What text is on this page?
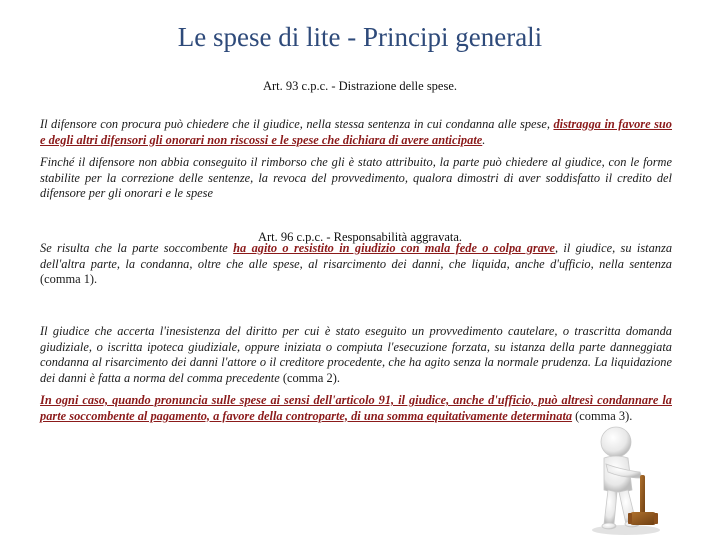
Le spese di lite - Principi generali
Art. 93 c.p.c. - Distrazione delle spese.
Il difensore con procura può chiedere che il giudice, nella stessa sentenza in cui condanna alle spese, distragga in favore suo e degli altri difensori gli onorari non riscossi e le spese che dichiara di avere anticipate.
Finché il difensore non abbia conseguito il rimborso che gli è stato attribuito, la parte può chiedere al giudice, con le forme stabilite per la correzione delle sentenze, la revoca del provvedimento, qualora dimostri di aver soddisfatto il credito del difensore per gli onorari e le spese
Art. 96 c.p.c. - Responsabilità aggravata.
Se risulta che la parte soccombente ha agito o resistito in giudizio con mala fede o colpa grave, il giudice, su istanza dell'altra parte, la condanna, oltre che alle spese, al risarcimento dei danni, che liquida, anche d'ufficio, nella sentenza (comma 1).
Il giudice che accerta l'inesistenza del diritto per cui è stato eseguito un provvedimento cautelare, o trascritta domanda giudiziale, o iscritta ipoteca giudiziale, oppure iniziata o compiuta l'esecuzione forzata, su istanza della parte danneggiata condanna al risarcimento dei danni l'attore o il creditore procedente, che ha agito senza la normale prudenza. La liquidazione dei danni è fatta a norma del comma precedente (comma 2).
In ogni caso, quando pronuncia sulle spese ai sensi dell'articolo 91, il giudice, anche d'ufficio, può altresì condannare la parte soccombente al pagamento, a favore della controparte, di una somma equitativamente determinata (comma 3).
